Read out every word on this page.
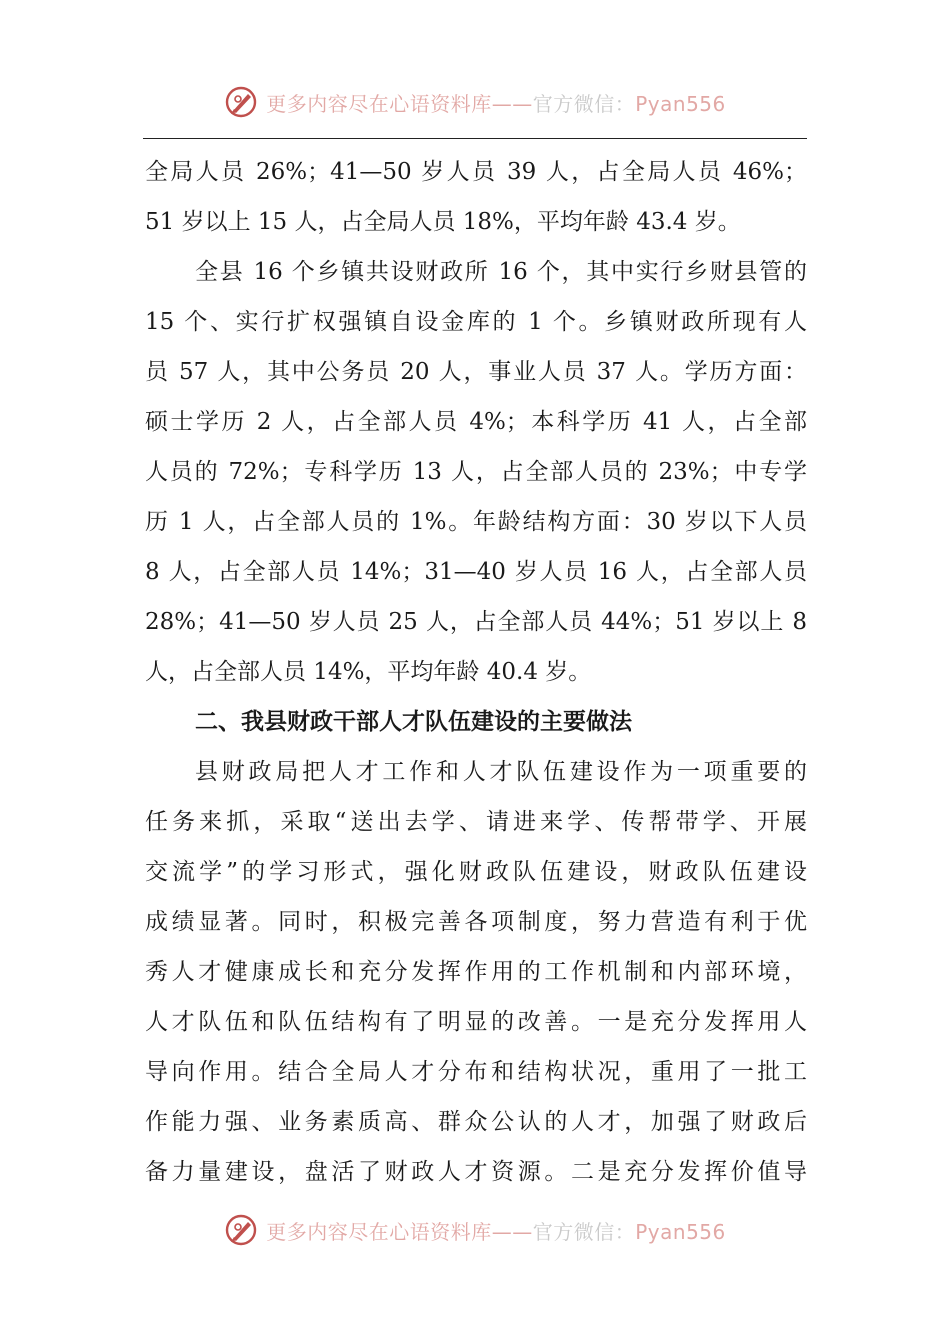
更多内容尽在心语资料库——官方微信：Pyan556
全局人员 26%；41—50 岁人员 39 人，占全局人员 46%；
51 岁以上 15 人，占全局人员 18%，平均年龄 43.4 岁。
全县 16 个乡镇共设财政所 16 个，其中实行乡财县管的
15 个、实行扩权强镇自设金库的 1 个。乡镇财政所现有人
员 57 人，其中公务员 20 人，事业人员 37 人。学历方面：
硕士学历 2 人，占全部人员 4%；本科学历 41 人，占全部
人员的 72%；专科学历 13 人，占全部人员的 23%；中专学
历 1 人，占全部人员的 1%。年龄结构方面：30 岁以下人员
8 人，占全部人员 14%；31—40 岁人员 16 人，占全部人员
28%；41—50 岁人员 25 人，占全部人员 44%；51 岁以上 8
人，占全部人员 14%，平均年龄 40.4 岁。
二、我县财政干部人才队伍建设的主要做法
县财政局把人才工作和人才队伍建设作为一项重要的
任务来抓，采取“送出去学、请进来学、传帮带学、开展
交流学”的学习形式，强化财政队伍建设，财政队伍建设
成绩显著。同时，积极完善各项制度，努力营造有利于优
秀人才健康成长和充分发挥作用的工作机制和内部环境，
人才队伍和队伍结构有了明显的改善。一是充分发挥用人
导向作用。结合全局人才分布和结构状况，重用了一批工
作能力强、业务素质高、群众公认的人才，加强了财政后
备力量建设，盘活了财政人才资源。二是充分发挥价值导
更多内容尽在心语资料库——官方微信：Pyan556
